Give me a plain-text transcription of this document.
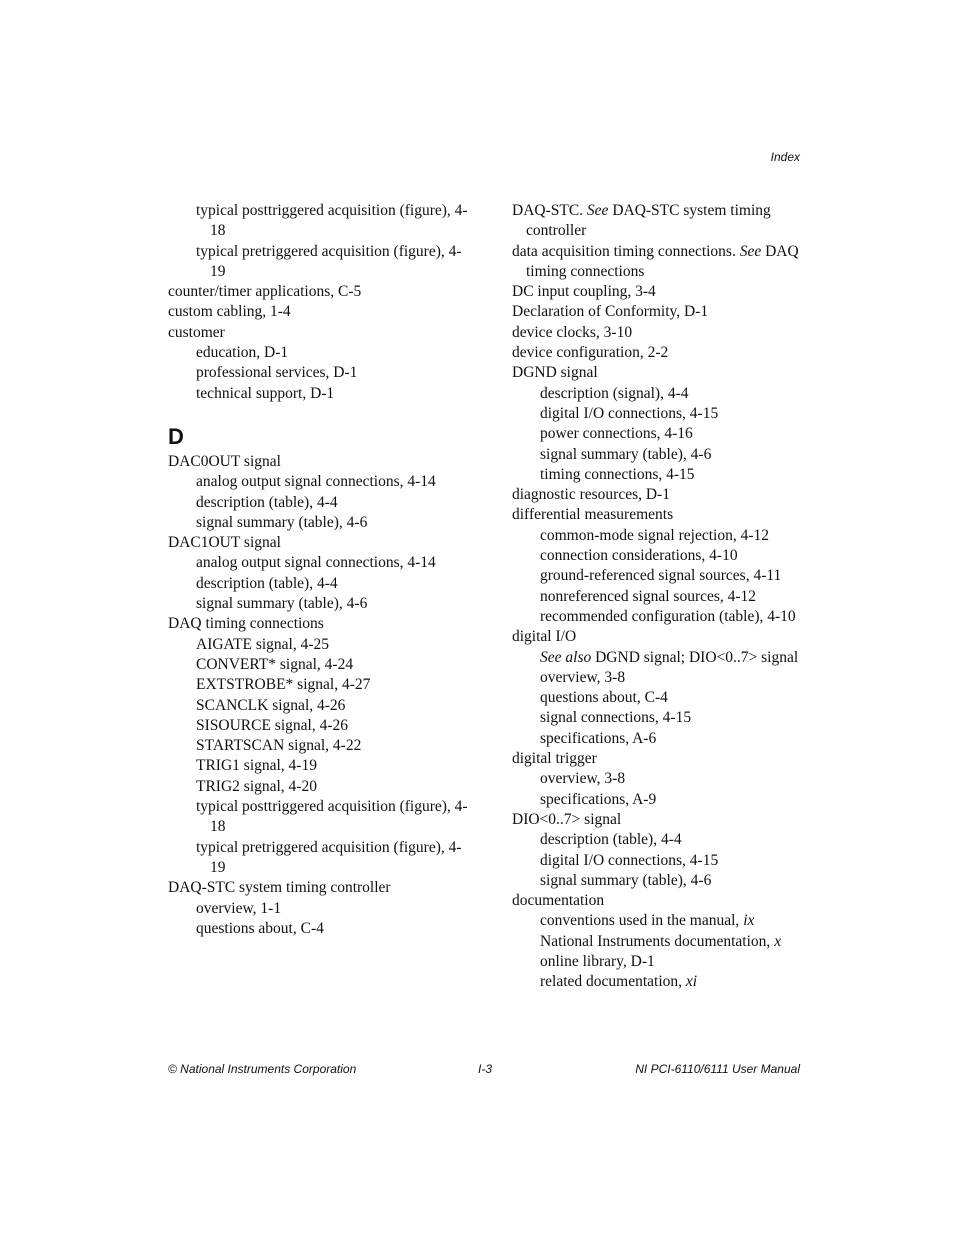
Index
typical posttriggered acquisition (figure), 4-18
typical pretriggered acquisition (figure), 4-19
counter/timer applications, C-5
custom cabling, 1-4
customer
education, D-1
professional services, D-1
technical support, D-1
D
DAC0OUT signal
analog output signal connections, 4-14
description (table), 4-4
signal summary (table), 4-6
DAC1OUT signal
analog output signal connections, 4-14
description (table), 4-4
signal summary (table), 4-6
DAQ timing connections
AIGATE signal, 4-25
CONVERT* signal, 4-24
EXTSTROBE* signal, 4-27
SCANCLK signal, 4-26
SISOURCE signal, 4-26
STARTSCAN signal, 4-22
TRIG1 signal, 4-19
TRIG2 signal, 4-20
typical posttriggered acquisition (figure), 4-18
typical pretriggered acquisition (figure), 4-19
DAQ-STC system timing controller
overview, 1-1
questions about, C-4
DAQ-STC. See DAQ-STC system timing controller
data acquisition timing connections. See DAQ timing connections
DC input coupling, 3-4
Declaration of Conformity, D-1
device clocks, 3-10
device configuration, 2-2
DGND signal
description (signal), 4-4
digital I/O connections, 4-15
power connections, 4-16
signal summary (table), 4-6
timing connections, 4-15
diagnostic resources, D-1
differential measurements
common-mode signal rejection, 4-12
connection considerations, 4-10
ground-referenced signal sources, 4-11
nonreferenced signal sources, 4-12
recommended configuration (table), 4-10
digital I/O
See also DGND signal; DIO<0..7> signal
overview, 3-8
questions about, C-4
signal connections, 4-15
specifications, A-6
digital trigger
overview, 3-8
specifications, A-9
DIO<0..7> signal
description (table), 4-4
digital I/O connections, 4-15
signal summary (table), 4-6
documentation
conventions used in the manual, ix
National Instruments documentation, x
online library, D-1
related documentation, xi
© National Instruments Corporation	I-3	NI PCI-6110/6111 User Manual
